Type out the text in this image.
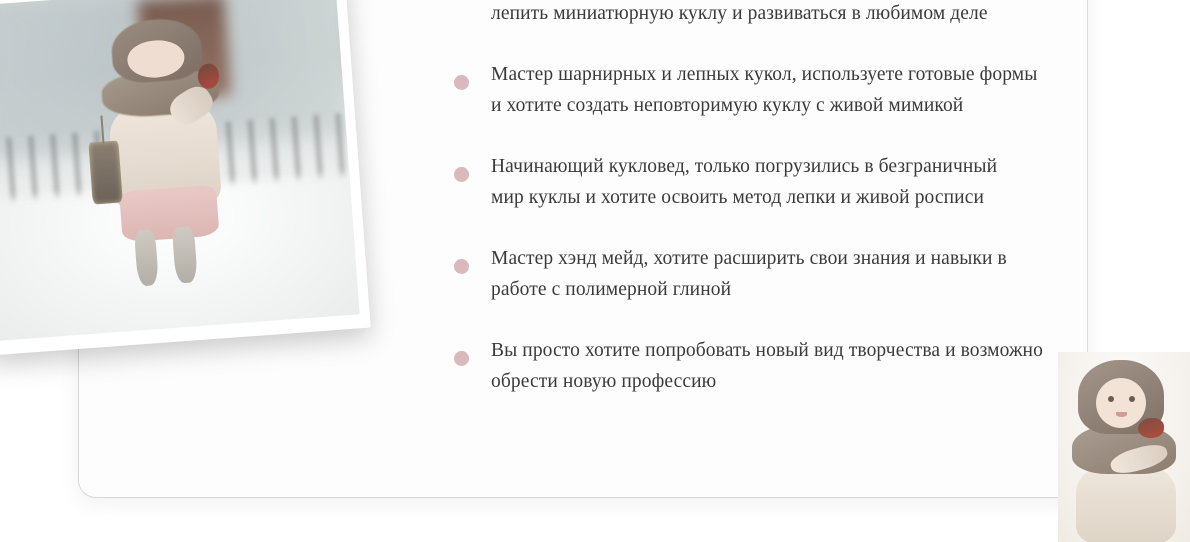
лепить миниатюрную куклу и развиваться в любимом деле
Мастер шарнирных и лепных кукол, используете готовые формы
и хотите создать неповторимую куклу с живой мимикой
Начинающий кукловед, только погрузились в безграничный
мир куклы и хотите освоить метод лепки и живой росписи
Мастер хэнд мейд, хотите расширить свои знания и навыки в
работе с полимерной глиной
Вы просто хотите попробовать новый вид творчества и возможно
обрести новую профессию
